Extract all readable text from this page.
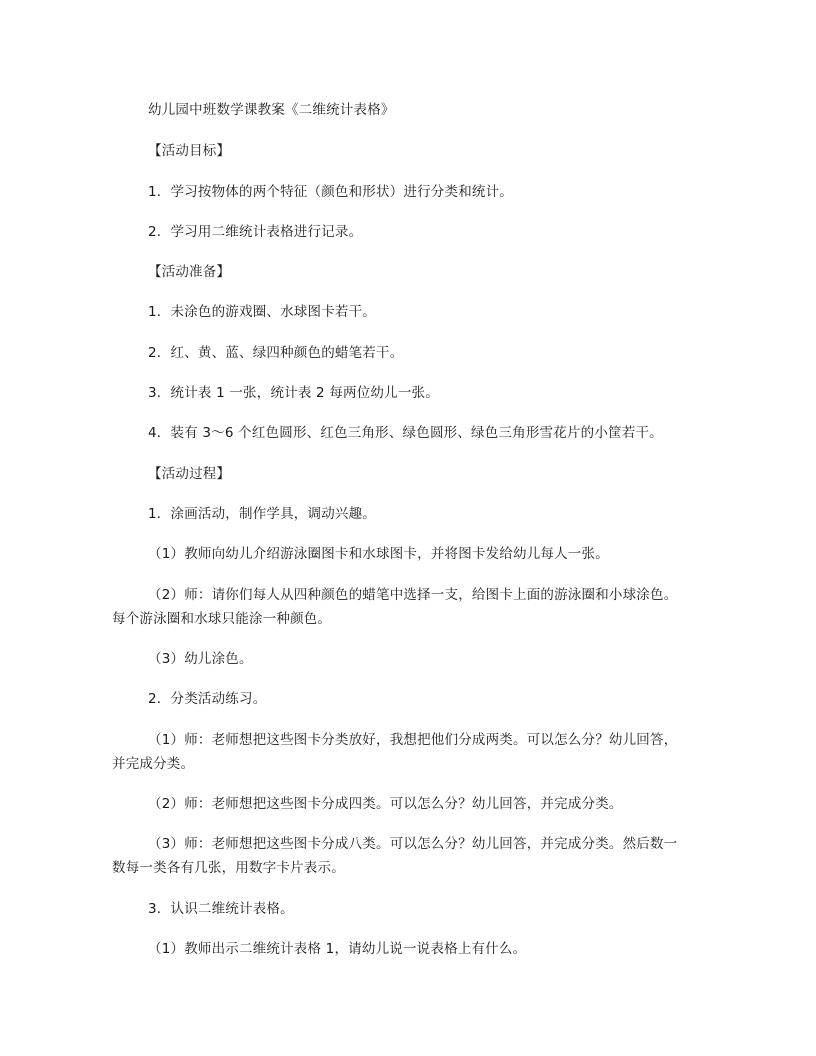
幼儿园中班数学课教案《二维统计表格》
【活动目标】
1．学习按物体的两个特征（颜色和形状）进行分类和统计。
2．学习用二维统计表格进行记录。
【活动准备】
1．未涂色的游戏圈、水球图卡若干。
2．红、黄、蓝、绿四种颜色的蜡笔若干。
3．统计表 1 一张，统计表 2 每两位幼儿一张。
4．装有 3～6 个红色圆形、红色三角形、绿色圆形、绿色三角形雪花片的小筐若干。
【活动过程】
1．涂画活动，制作学具，调动兴趣。
（1）教师向幼儿介绍游泳圈图卡和水球图卡，并将图卡发给幼儿每人一张。
（2）师：请你们每人从四种颜色的蜡笔中选择一支，给图卡上面的游泳圈和小球涂色。
每个游泳圈和水球只能涂一种颜色。
（3）幼儿涂色。
2．分类活动练习。
（1）师：老师想把这些图卡分类放好，我想把他们分成两类。可以怎么分？幼儿回答，
并完成分类。
（2）师：老师想把这些图卡分成四类。可以怎么分？幼儿回答，并完成分类。
（3）师：老师想把这些图卡分成八类。可以怎么分？幼儿回答，并完成分类。然后数一
数每一类各有几张，用数字卡片表示。
3．认识二维统计表格。
（1）教师出示二维统计表格 1，请幼儿说一说表格上有什么。
